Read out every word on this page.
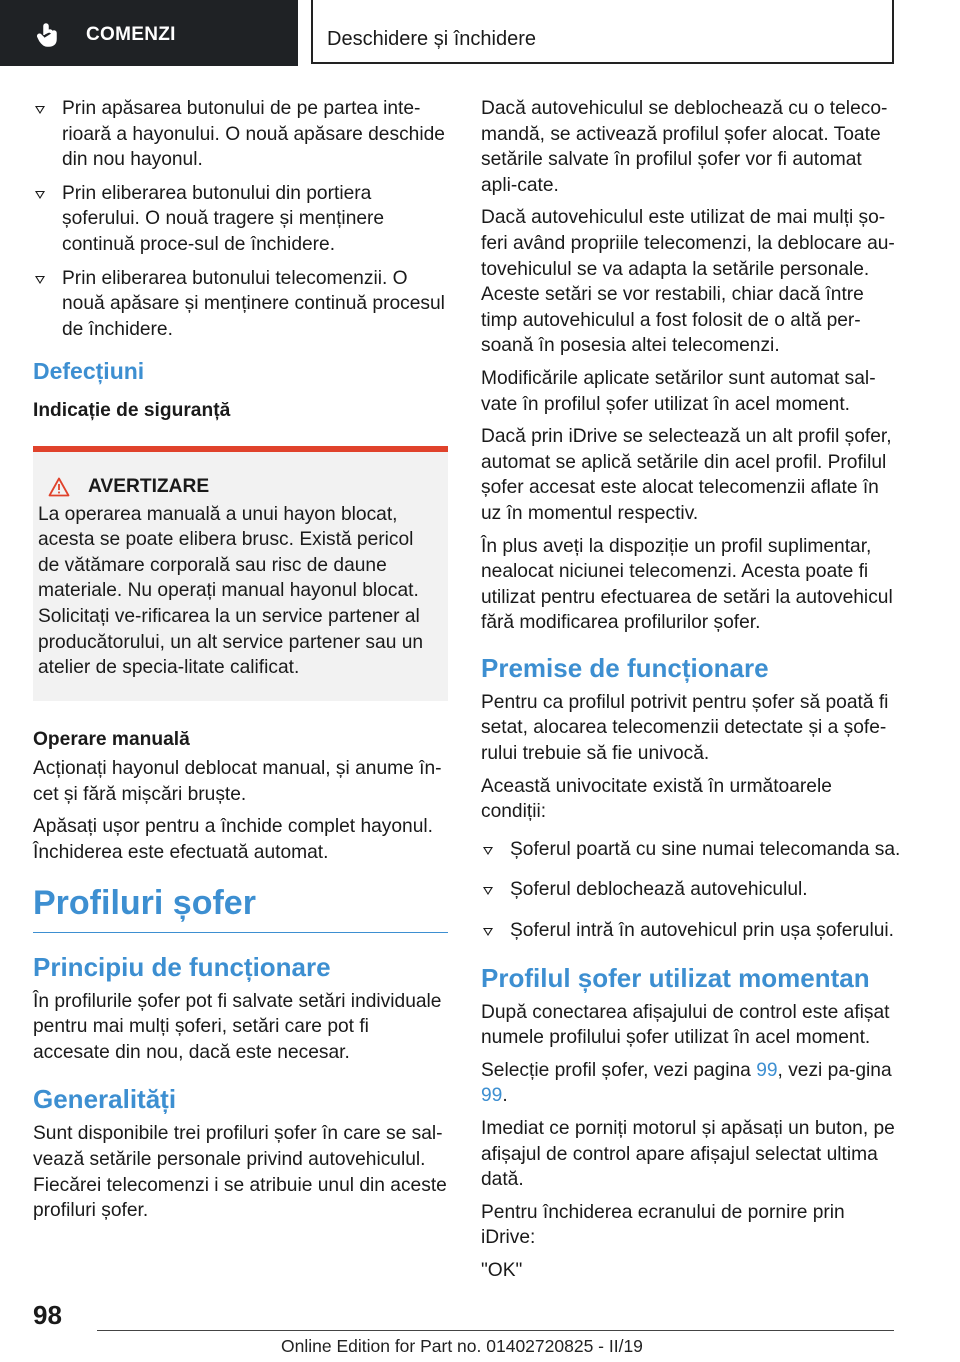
COMENZI	Deschidere și închidere
Prin apăsarea butonului de pe partea inte-rioară a hayonului. O nouă apăsare deschide din nou hayonul.
Prin eliberarea butonului din portiera șoferului. O nouă tragere și menținere continuă proce-sul de închidere.
Prin eliberarea butonului telecomenzii. O nouă apăsare și menținere continuă procesul de închidere.
Defecțiuni
Indicație de siguranță
AVERTIZARE
La operarea manuală a unui hayon blocat, acesta se poate elibera brusc. Există pericol de vătămare corporală sau risc de daune materiale. Nu operați manual hayonul blocat. Solicitați ve-rificarea la un service partener al producătorului, un alt service partener sau un atelier de specia-litate calificat.
Operare manuală

Acționați hayonul deblocat manual, și anume în-cet și fără mișcări bruște.

Apăsați ușor pentru a închide complet hayonul. Închiderea este efectuată automat.

Profiluri șofer
Principiu de funcționare

În profilurile șofer pot fi salvate setări individuale pentru mai mulți șoferi, setări care pot fi accesate din nou, dacă este necesar.

Generalități

Sunt disponibile trei profiluri șofer în care se sal-vează setările personale privind autovehiculul. Fiecărei telecomenzi i se atribuie unul din aceste profiluri șofer.

Dacă autovehiculul se deblochează cu o teleco-mandă, se activează profilul șofer alocat. Toate setările salvate în profilul șofer vor fi automat apli-cate.

Dacă autovehiculul este utilizat de mai mulți șo-feri având propriile telecomenzi, la deblocare au-tovehiculul se va adapta la setările personale. Aceste setări se vor restabili, chiar dacă între timp autovehiculul a fost folosit de o altă per-soană în posesia altei telecomenzi.

Modificările aplicate setărilor sunt automat sal-vate în profilul șofer utilizat în acel moment.

Dacă prin iDrive se selectează un alt profil șofer, automat se aplică setările din acel profil. Profilul șofer accesat este alocat telecomenzii aflate în uz în momentul respectiv.

În plus aveți la dispoziție un profil suplimentar, nealocat niciunei telecomenzi. Acesta poate fi utilizat pentru efectuarea de setări la autovehicul fără modificarea profilurilor șofer.

Premise de funcționare

Pentru ca profilul potrivit pentru șofer să poată fi setat, alocarea telecomenzii detectate și a șofe-rului trebuie să fie univocă.

Această univocitate există în următoarele condiții:

Șoferul poartă cu sine numai telecomanda sa.
Șoferul deblochează autovehiculul.
Șoferul intră în autovehicul prin ușa șoferului.
Profilul șofer utilizat momentan

După conectarea afișajului de control este afișat numele profilului șofer utilizat în acel moment.

Selecție profil șofer, vezi pagina 99, vezi pa-gina 99.

Imediat ce porniți motorul și apăsați un buton, pe afișajul de control apare afișajul selectat ultima dată.

Pentru închiderea ecranului de pornire prin iDrive:

"OK"

98
Online Edition for Part no. 01402720825 - II/19
